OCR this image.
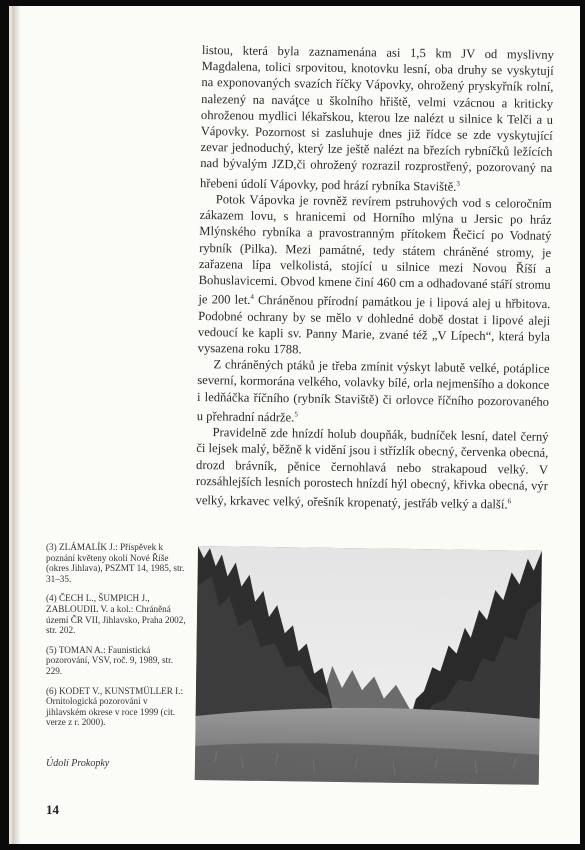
listou, která byla zaznamenána asi 1,5 km JV od myslivny Magdalena, tolici srpovitou, knotovku lesní, oba druhy se vyskytují na exponovaných svazích říčky Vápovky, ohrožený pryskyřník rolní, nalezený na naváţce u školního hřiště, velmi vzácnou a kriticky ohroženou mydlici lékařskou, kterou lze nalézt u silnice k Telči a u Vápovky. Pozornost si zasluhuje dnes již řídce se zde vyskytující zevar jednoduchý, který lze ještě nalézt na březích rybníčků ležících nad bývalým JZD,či ohrožený rozrazil rozprostřený, pozorovaný na hřebeni údolí Vápovky, pod hrází rybníka Staviště.$^3$

Potok Vápovka je rovněž revírem pstruhových vod s celoročním zákazem lovu, s hranicemi od Horního mlýna u Jersic po hráz Mlýnského rybníka a pravostranným přítokem Řečicí po Vodnatý rybník (Pilka). Mezi památné, tedy státem chráněné stromy, je zařazena lípa velkolistá, stojící u silnice mezi Novou Říší a Bohuslavicemi. Obvod kmene činí 460 cm a odhadované stáří stromu je 200 let.$^4$ Chráněnou přírodní památkou je i lipová alej u hřbitova. Podobné ochrany by se mělo v dohledné době dostat i lipové aleji vedoucí ke kapli sv. Panny Marie, zvané též „V Lípech“, která byla vysazena roku 1788.

Z chráněných ptáků je třeba zmínit výskyt labutě velké, potáplice severní, kormorána velkého, volavky bílé, orla nejmenšího a dokonce i ledňáčka říčního (rybník Staviště) či orlovce říčního pozorovaného u přehradní nádrže.$^5$

Pravidelně zde hnízdí holub doupňák, budníček lesní, datel černý či lejsek malý, běžně k vidění jsou i střízlík obecný, červenka obecná, drozd brávník, pěnice černohlavá nebo strakapoud velký. V rozsáhlejších lesních porostech hnízdí hýl obecný, křivka obecná, výr velký, krkavec velký, ořešník kropenatý, jestřáb velký a další.$^6$

(3) ZLÁMALÍK J.: Příspěvek k poznání květeny okolí Nové Říše (okres Jihlava), PSZMT 14, 1985, str. 31–35.
(4) ČECH L., ŠUMPICH J., ZABLOUDIL V. a kol.: Chráněná území ČR VII, Jihlavsko, Praha 2002, str. 202.
(5) TOMAN A.: Faunistická pozorování, VSV, roč. 9, 1989, str. 229.
(6) KODET V., KUNSTMÜLLER I.: Ornitologická pozorování v jihlavském okrese v roce 1999 (cit. verze z r. 2000).
Údolí Prokopky
14
